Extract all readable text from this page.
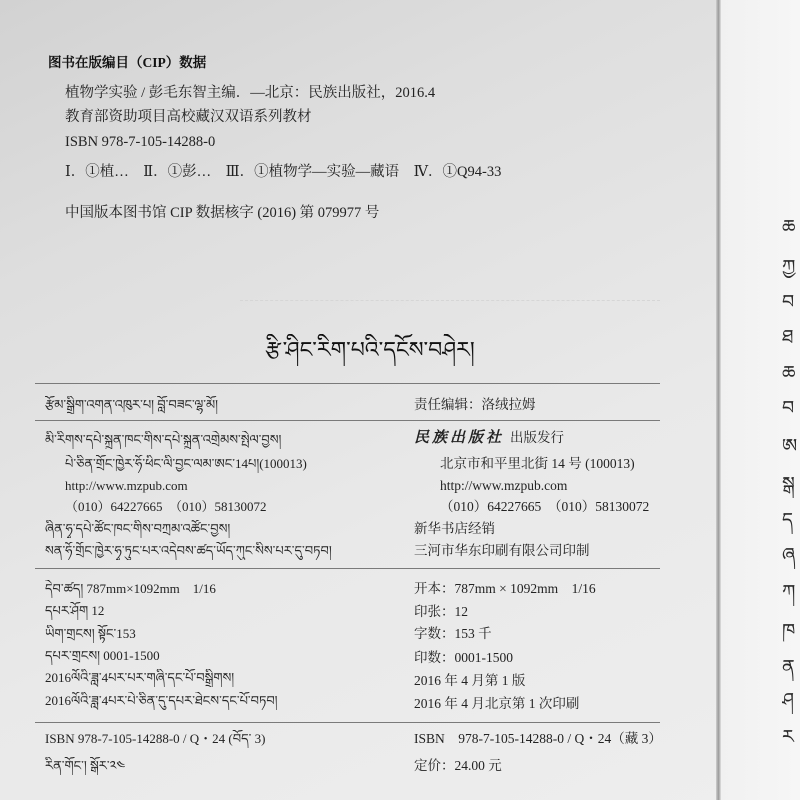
图书在版编目（CIP）数据
植物学实验 / 彭毛东智主编．—北京：民族出版社，2016.4
教育部资助项目高校藏汉双语系列教材
ISBN 978-7-105-14288-0
Ⅰ．①植…　Ⅱ．①彭…　Ⅲ．①植物学—实验—藏语　Ⅳ．①Q94-33
中国版本图书馆 CIP 数据核字 (2016) 第 079977 号
རྩི་ཤིང་རིག་པའི་དངོས་བཤེར།
རྩོམ་སྒྲིག་འགན་འཁུར་པ། བློ་བཟང་ལྷ་མོ།
མི་རིགས་དཔེ་སྐྲུན་ཁང་གིས་དཔེ་སྐྲུན་འགྲེམས་སྤེལ་བྱས།
པེ་ཅིན་གྲོང་ཁྱེར་ཧོ་ཕིང་ལི་བྱང་ལམ་ཨང་14པ།(100013)
http://www.mzpub.com
（010）64227665　（010）58130072
ཞིན་ཧྭ་དཔེ་ཚོང་ཁང་གིས་བཀྲམ་འཚོང་བྱས།
སན་ཧོ་གྲོང་ཁྱེར་ཧྭ་ཏུང་པར་འདེབས་ཚད་ཡོད་ཀུང་སིས་པར་དུ་བཏབ།
དེབ་ཚད། 787mm×1092mm　1/16
དཔར་ཤོག 12
ཡིག་གྲངས། སྟོང་153
དཔར་གྲངས། 0001-1500
2016ལོའི་ཟླ་4པར་པར་གཞི་དང་པོ་བསྒྲིགས།
2016ལོའི་ཟླ་4པར་པེ་ཅིན་དུ་དཔར་ཐེངས་དང་པོ་བཏབ།
ISBN 978-7-105-14288-0 / Q・24 (བོད་ 3)
རིན་གོང་། སྒོར་༢༤
责任编辑：洛绒拉姆
民族出版社 出版发行
北京市和平里北街 14 号 (100013)
http://www.mzpub.com
（010）64227665　（010）58130072
新华书店经销
三河市华东印刷有限公司印制
开本：787mm × 1092mm　1/16
印张：12
字数：153 千
印数：0001-1500
2016 年 4 月第 1 版
2016 年 4 月北京第 1 次印刷
ISBN　978-7-105-14288-0 / Q・24（藏 3）
定价：24.00 元
ཆ
ཀྱ
བ
ཐ
ཆ
བ
ཨ
སྒ
ད
ཞ
ཀ
ཁ
ན
ཤ
ར
